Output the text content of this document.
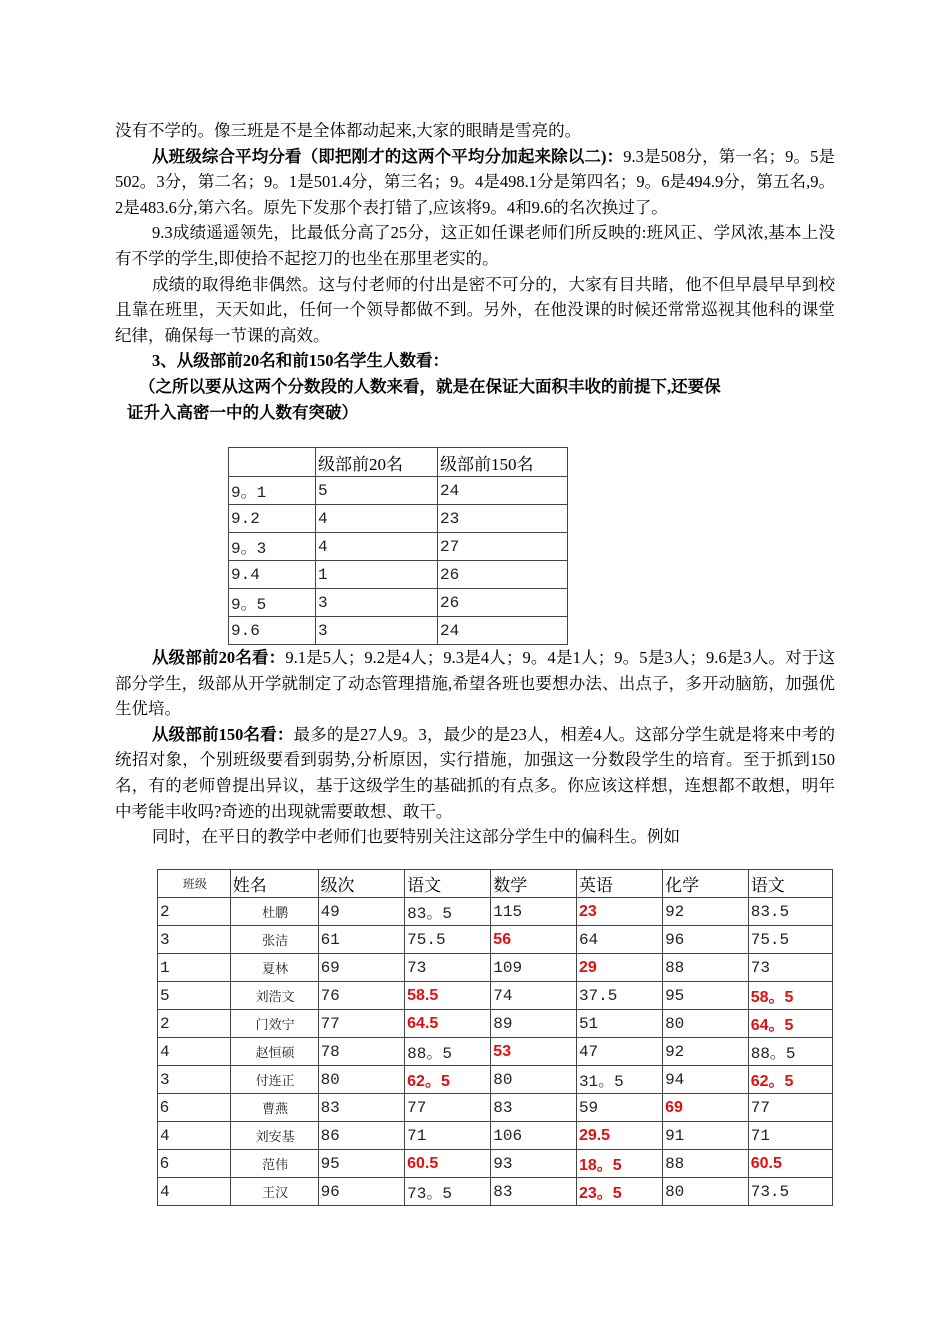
没有不学的。像三班是不是全体都动起来,大家的眼睛是雪亮的。

从班级综合平均分看（即把刚才的这两个平均分加起来除以二)：9.3是508分，第一名；9。5是502。3分，第二名；9。1是501.4分，第三名；9。4是498.1分是第四名；9。6是494.9分，第五名,9。2是483.6分,第六名。原先下发那个表打错了,应该将9。4和9.6的名次换过了。

9.3成绩遥遥领先，比最低分高了25分，这正如任课老师们所反映的:班风正、学风浓,基本上没有不学的学生,即使拾不起挖刀的也坐在那里老实的。

成绩的取得绝非偶然。这与付老师的付出是密不可分的，大家有目共睹，他不但早晨早早到校且靠在班里，天天如此，任何一个领导都做不到。另外，在他没课的时候还常常巡视其他科的课堂纪律，确保每一节课的高效。

3、从级部前20名和前150名学生人数看：

（之所以要从这两个分数段的人数来看，就是在保证大面积丰收的前提下,还要保
证升入高密一中的人数有突破）

	级部前20名	级部前150名
9。1	5	24
9.2	4	23
9。3	4	27
9.4	1	26
9。5	3	26
9.6	3	24

从级部前20名看：9.1是5人；9.2是4人；9.3是4人；9。4是1人；9。5是3人；9.6是3人。对于这部分学生，级部从开学就制定了动态管理措施,希望各班也要想办法、出点子，多开动脑筋，加强优生优培。

从级部前150名看：最多的是27人9。3，最少的是23人，相差4人。这部分学生就是将来中考的统招对象，个别班级要看到弱势,分析原因，实行措施，加强这一分数段学生的培育。至于抓到150名，有的老师曾提出异议，基于这级学生的基础抓的有点多。你应该这样想，连想都不敢想，明年中考能丰收吗?奇迹的出现就需要敢想、敢干。

同时，在平日的教学中老师们也要特别关注这部分学生中的偏科生。例如

班级	姓名	级次	语文	数学	英语	化学	语文
2	杜鹏	49	83。5	115	23	92	83.5
3	张洁	61	75.5	56	64	96	75.5
1	夏林	69	73	109	29	88	73
5	刘浩文	76	58.5	74	37.5	95	58。5
2	门效宁	77	64.5	89	51	80	64。5
4	赵恒硕	78	88。5	53	47	92	88。5
3	付连正	80	62。5	80	31。5	94	62。5
6	曹燕	83	77	83	59	69	77
4	刘安基	86	71	106	29.5	91	71
6	范伟	95	60.5	93	18。5	88	60.5
4	王汉	96	73。5	83	23。5	80	73.5
